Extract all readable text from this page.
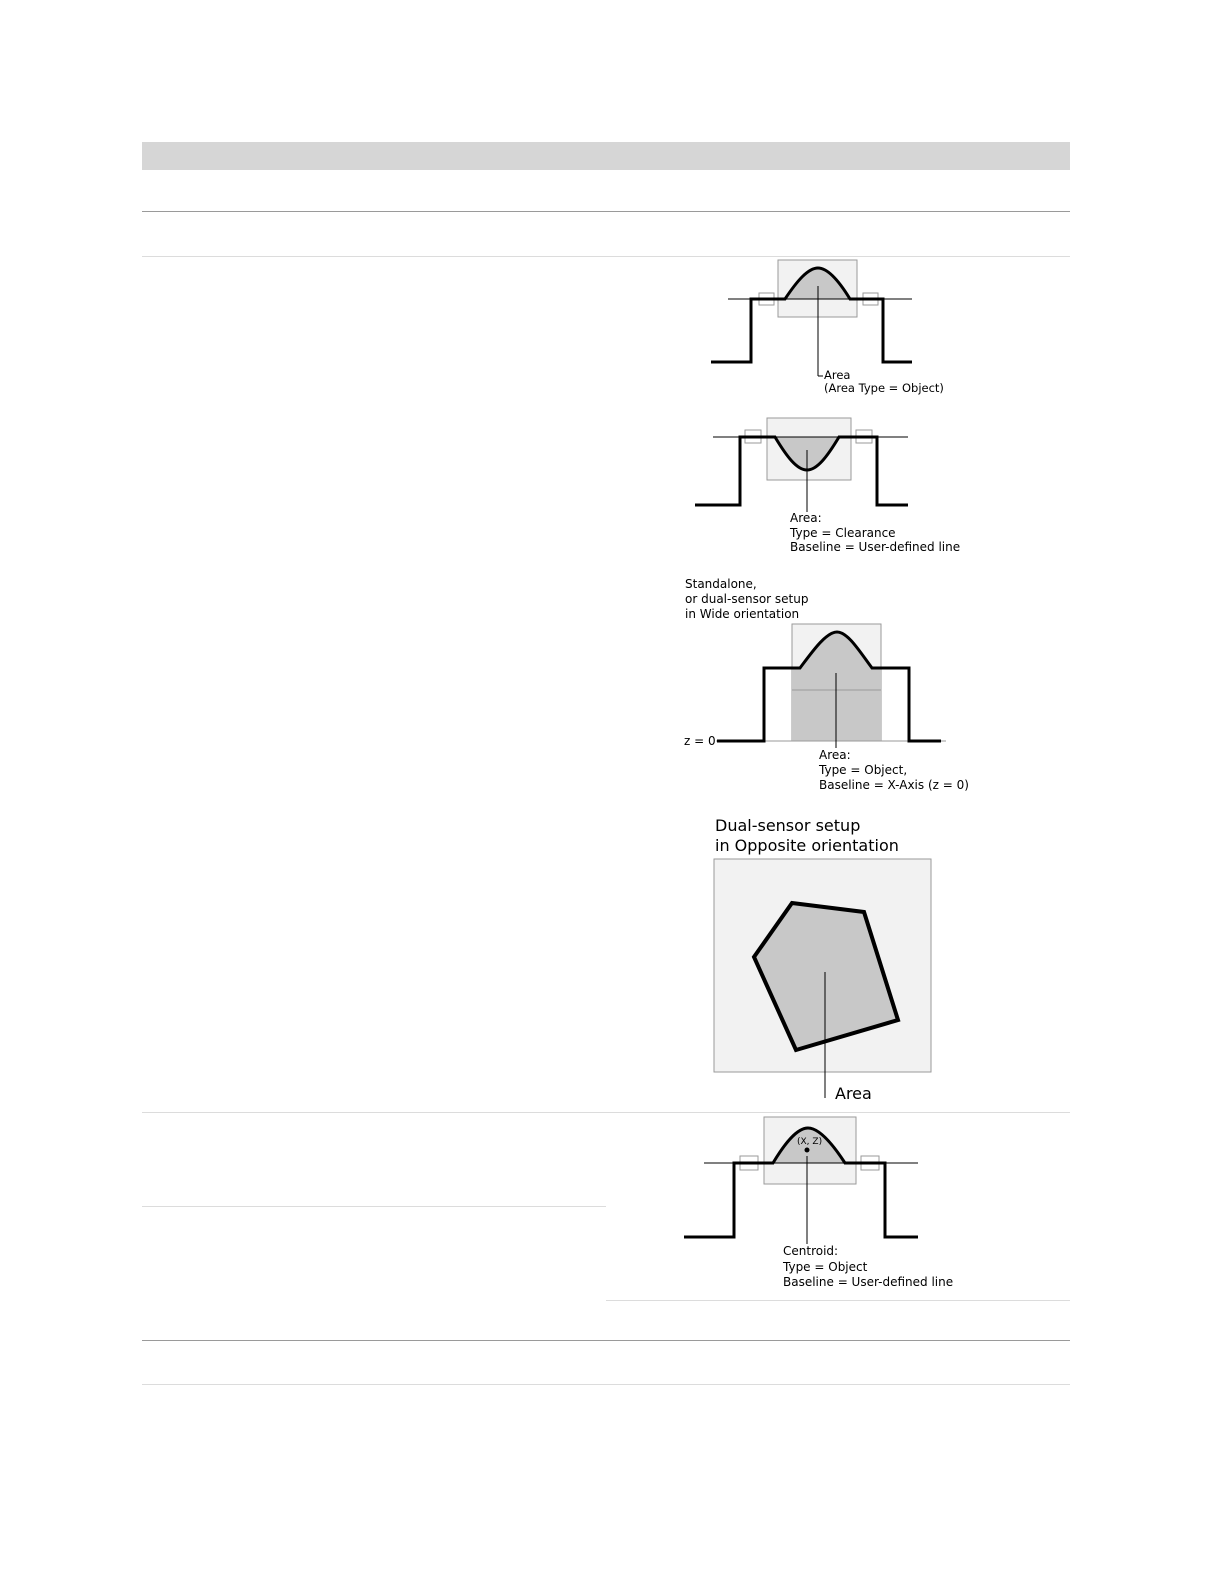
Area
(Area Type = Object)
Area:
Type = Clearance
Baseline = User-defined line
Standalone,
or dual-sensor setup
in Wide orientation
z = 0
Area:
Type = Object,
Baseline = X-Axis (z = 0)
Dual-sensor setup
in Opposite orientation
Area
(X, Z)
Centroid:
Type = Object
Baseline = User-defined line
